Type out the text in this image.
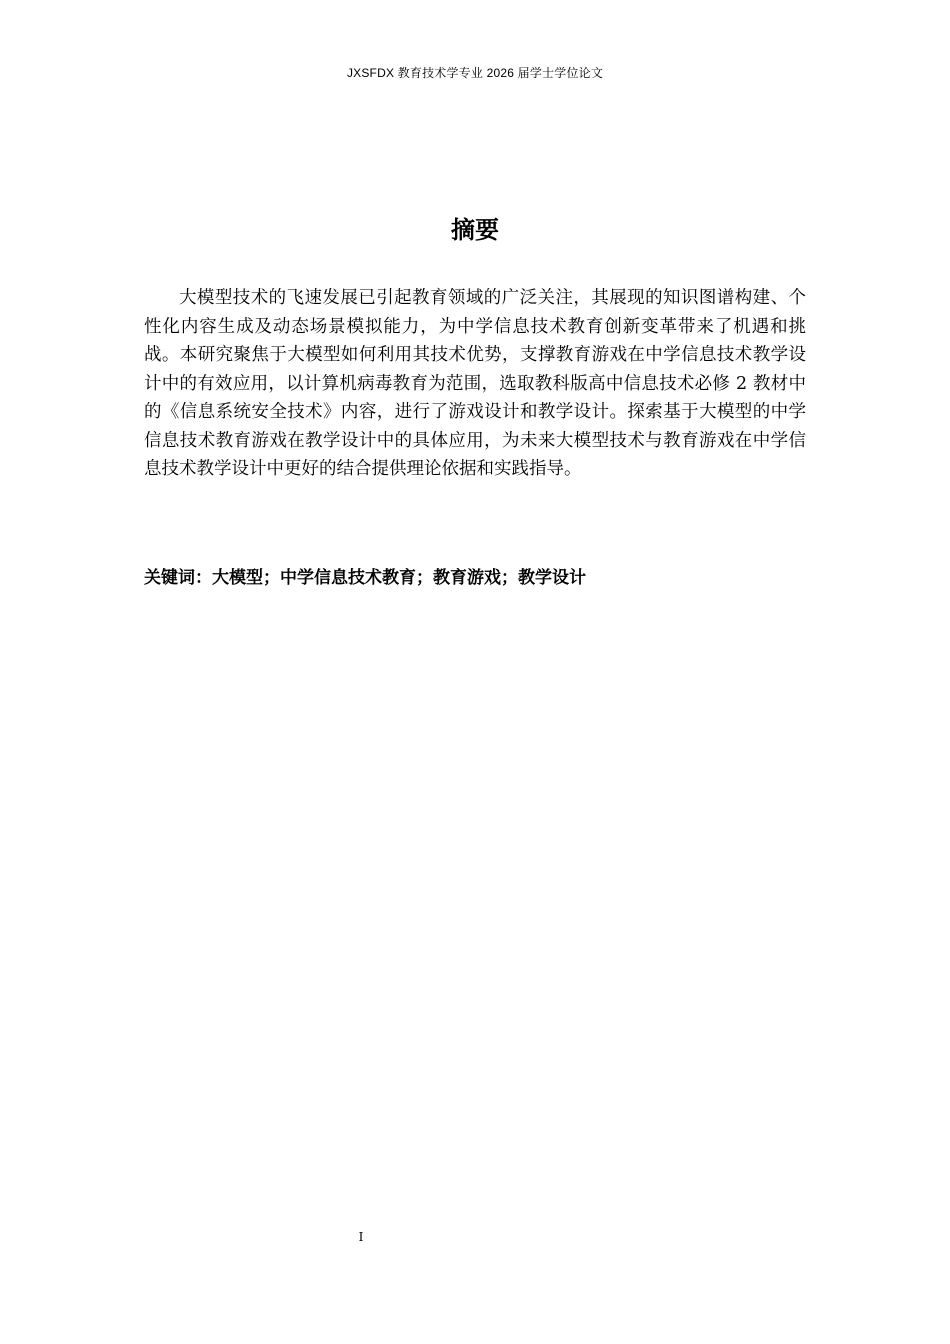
JXSFDX 教育技术学专业 2026 届学士学位论文
摘要

大模型技术的飞速发展已引起教育领域的广泛关注，其展现的知识图谱构建、个性化内容生成及动态场景模拟能力，为中学信息技术教育创新变革带来了机遇和挑战。本研究聚焦于大模型如何利用其技术优势，支撑教育游戏在中学信息技术教学设计中的有效应用，以计算机病毒教育为范围，选取教科版高中信息技术必修 2 教材中的《信息系统安全技术》内容，进行了游戏设计和教学设计。探索基于大模型的中学信息技术教育游戏在教学设计中的具体应用，为未来大模型技术与教育游戏在中学信息技术教学设计中更好的结合提供理论依据和实践指导。

关键词：大模型；中学信息技术教育；教育游戏；教学设计

I
